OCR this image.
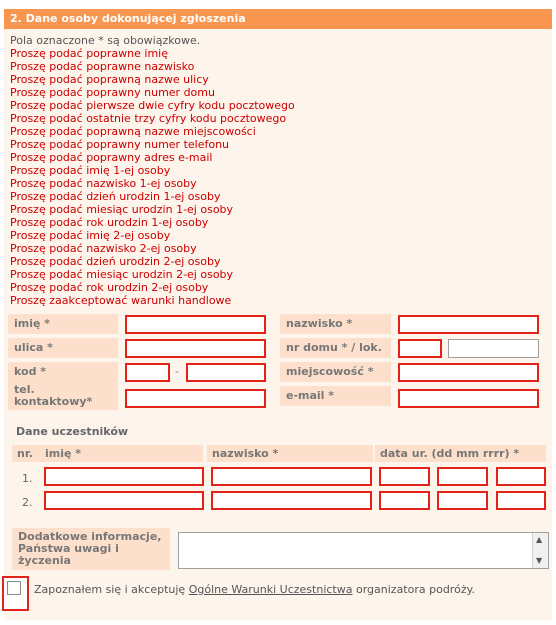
2. Dane osoby dokonującej zgłoszenia
Pola oznaczone * są obowiązkowe.
Proszę podać poprawne imię
Proszę podać poprawne nazwisko
Proszę podać poprawną nazwe ulicy
Proszę podać poprawny numer domu
Proszę podać pierwsze dwie cyfry kodu pocztowego
Proszę podać ostatnie trzy cyfry kodu pocztowego
Proszę podać poprawną nazwe miejscowości
Proszę podać poprawny numer telefonu
Proszę podać poprawny adres e-mail
Proszę podać imię 1-ej osoby
Proszę podać nazwisko 1-ej osoby
Proszę podać dzień urodzin 1-ej osoby
Proszę podać miesiąc urodzin 1-ej osoby
Proszę podać rok urodzin 1-ej osoby
Proszę podać imię 2-ej osoby
Proszę podać nazwisko 2-ej osoby
Proszę podać dzień urodzin 2-ej osoby
Proszę podać miesiąc urodzin 2-ej osoby
Proszę podać rok urodzin 2-ej osoby
Proszę zaakceptować warunki handlowe
imię *	nazwisko *
ulica *	nr domu * / lok.
kod *	-	miejscowość *
tel. kontaktowy*	e-mail *
Dane uczestników
nr.	imię *	nazwisko *	data ur. (dd mm rrrr) *
1.
2.
Dodatkowe informacje, Państwa uwagi i życzenia
▲
▼
Zapoznałem się i akceptuję Ogólne Warunki Uczestnictwa organizatora podróży.
